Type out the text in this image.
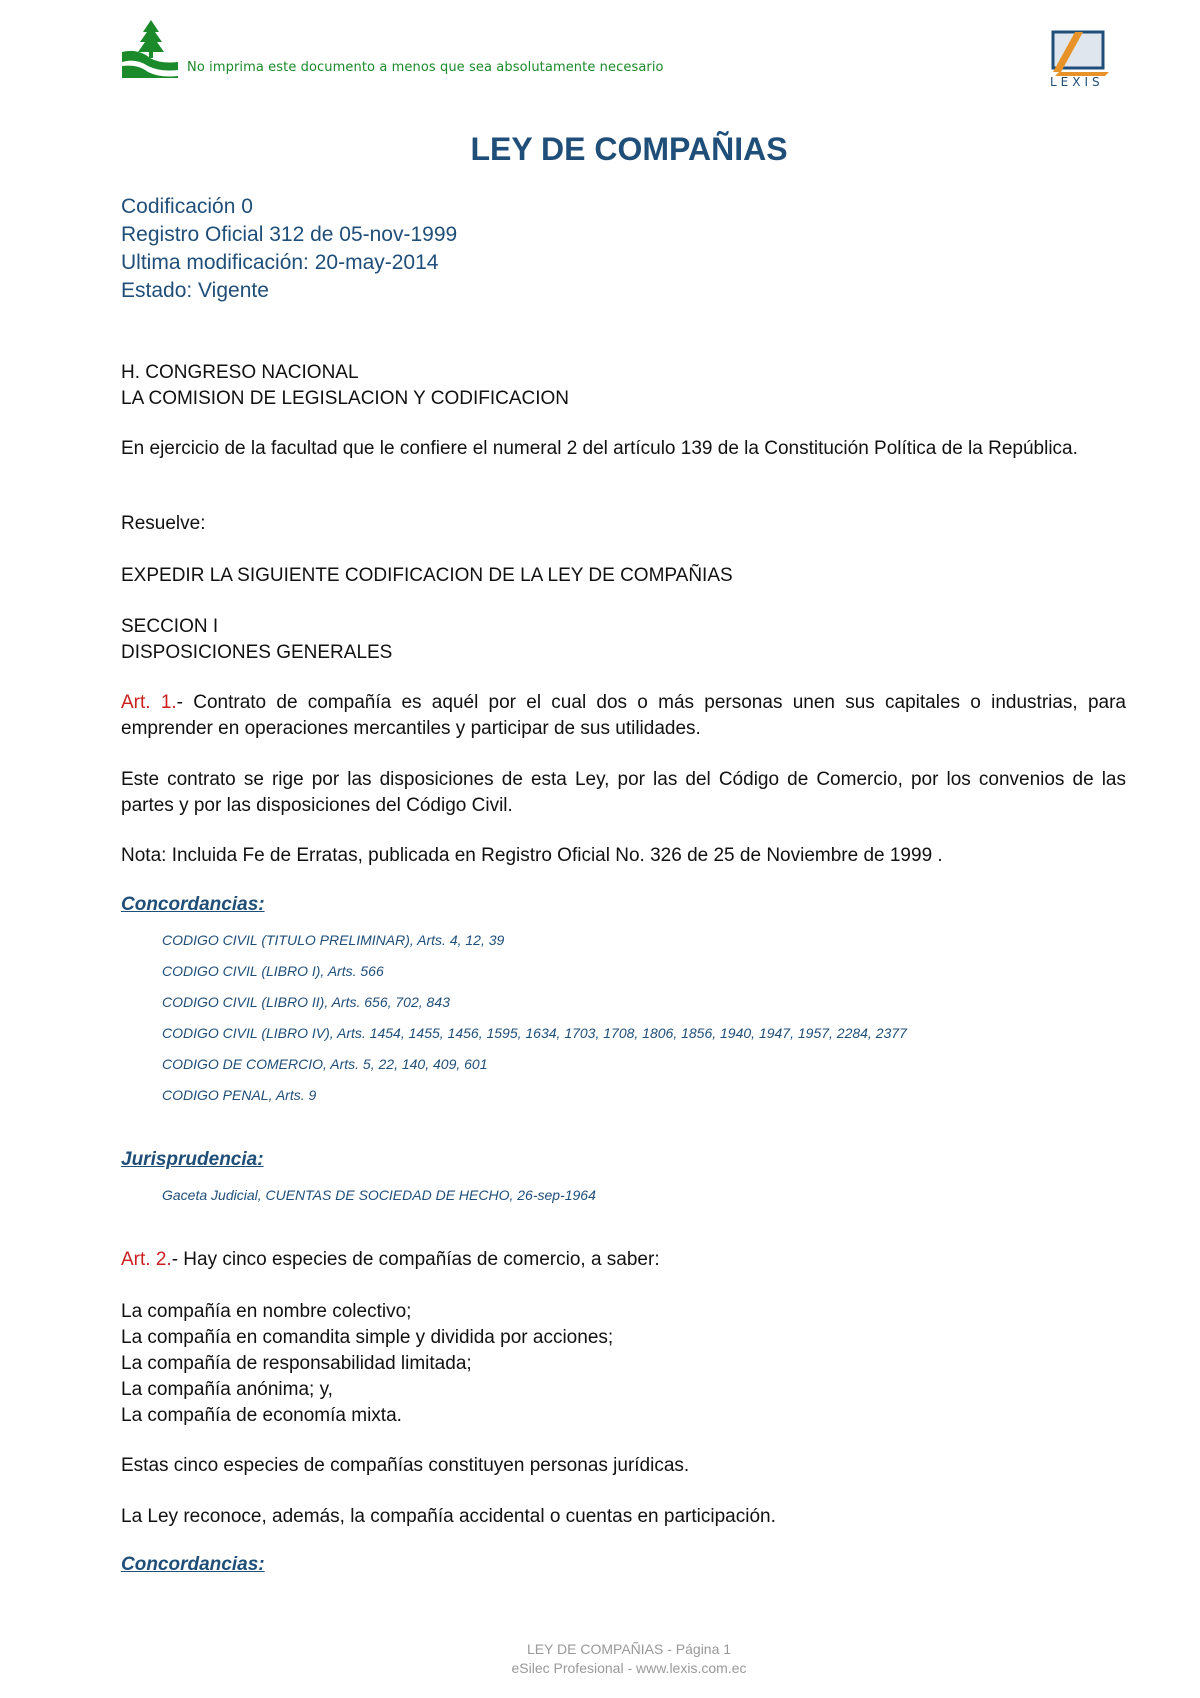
No imprima este documento a menos que sea absolutamente necesario
LEXIS
LEY DE COMPAÑIAS
Codificación 0
Registro Oficial 312 de 05-nov-1999
Ultima modificación: 20-may-2014
Estado: Vigente
H. CONGRESO NACIONAL
LA COMISION DE LEGISLACION Y CODIFICACION
En ejercicio de la facultad que le confiere el numeral 2 del artículo 139 de la Constitución Política de la República.
Resuelve:
EXPEDIR LA SIGUIENTE CODIFICACION DE LA LEY DE COMPAÑIAS
SECCION I
DISPOSICIONES GENERALES
Art. 1.- Contrato de compañía es aquél por el cual dos o más personas unen sus capitales o industrias, para emprender en operaciones mercantiles y participar de sus utilidades.
Este contrato se rige por las disposiciones de esta Ley, por las del Código de Comercio, por los convenios de las partes y por las disposiciones del Código Civil.
Nota: Incluida Fe de Erratas, publicada en Registro Oficial No. 326 de 25 de Noviembre de 1999 .
Concordancias:
CODIGO CIVIL (TITULO PRELIMINAR), Arts. 4, 12, 39
CODIGO CIVIL (LIBRO I), Arts. 566
CODIGO CIVIL (LIBRO II), Arts. 656, 702, 843
CODIGO CIVIL (LIBRO IV), Arts. 1454, 1455, 1456, 1595, 1634, 1703, 1708, 1806, 1856, 1940, 1947, 1957, 2284, 2377
CODIGO DE COMERCIO, Arts. 5, 22, 140, 409, 601
CODIGO PENAL, Arts. 9
Jurisprudencia:
Gaceta Judicial, CUENTAS DE SOCIEDAD DE HECHO, 26-sep-1964
Art. 2.- Hay cinco especies de compañías de comercio, a saber:
La compañía en nombre colectivo;
La compañía en comandita simple y dividida por acciones;
La compañía de responsabilidad limitada;
La compañía anónima; y,
La compañía de economía mixta.
Estas cinco especies de compañías constituyen personas jurídicas.
La Ley reconoce, además, la compañía accidental o cuentas en participación.
Concordancias:
LEY DE COMPAÑIAS - Página 1
eSilec Profesional - www.lexis.com.ec
